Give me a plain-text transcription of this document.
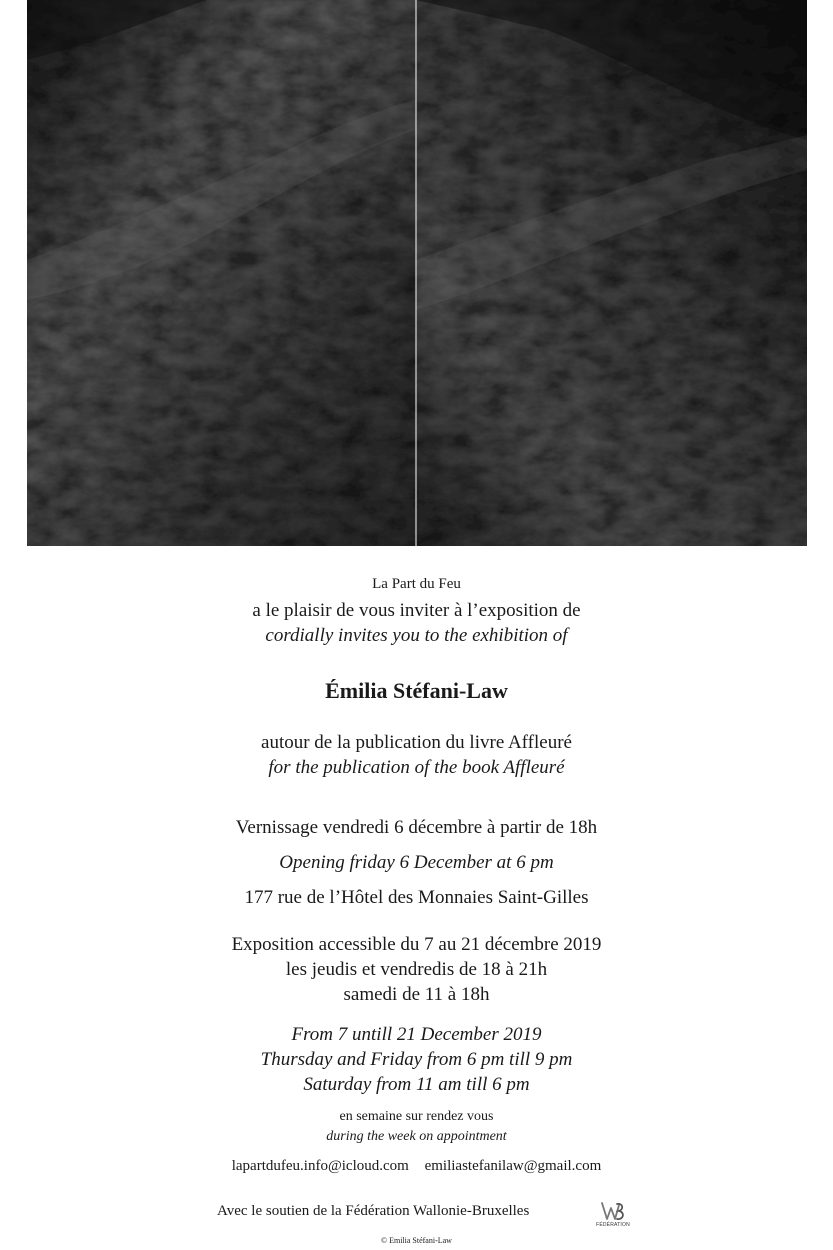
La Part du Feu
a le plaisir de vous inviter à l’exposition de
cordially invites you to the exhibition of
Émilia Stéfani-Law
autour de la publication du livre Affleuré
for the publication of the book Affleuré
Vernissage vendredi 6 décembre à partir de 18h
Opening friday 6 December at 6 pm
177 rue de l’Hôtel des Monnaies Saint-Gilles
Exposition accessible du 7 au 21 décembre 2019
les jeudis et vendredis de 18 à 21h
samedi de 11 à 18h
From 7 untill 21 December 2019
Thursday and Friday from 6 pm till 9 pm
Saturday from 11 am till 6 pm
en semaine sur rendez vous
during the week on appointment
lapartdufeu.info@icloud.com emiliastefanilaw@gmail.com
Avec le soutien de la Fédération Wallonie-Bruxelles
FÉDÉRATION
© Emilia Stéfani-Law
